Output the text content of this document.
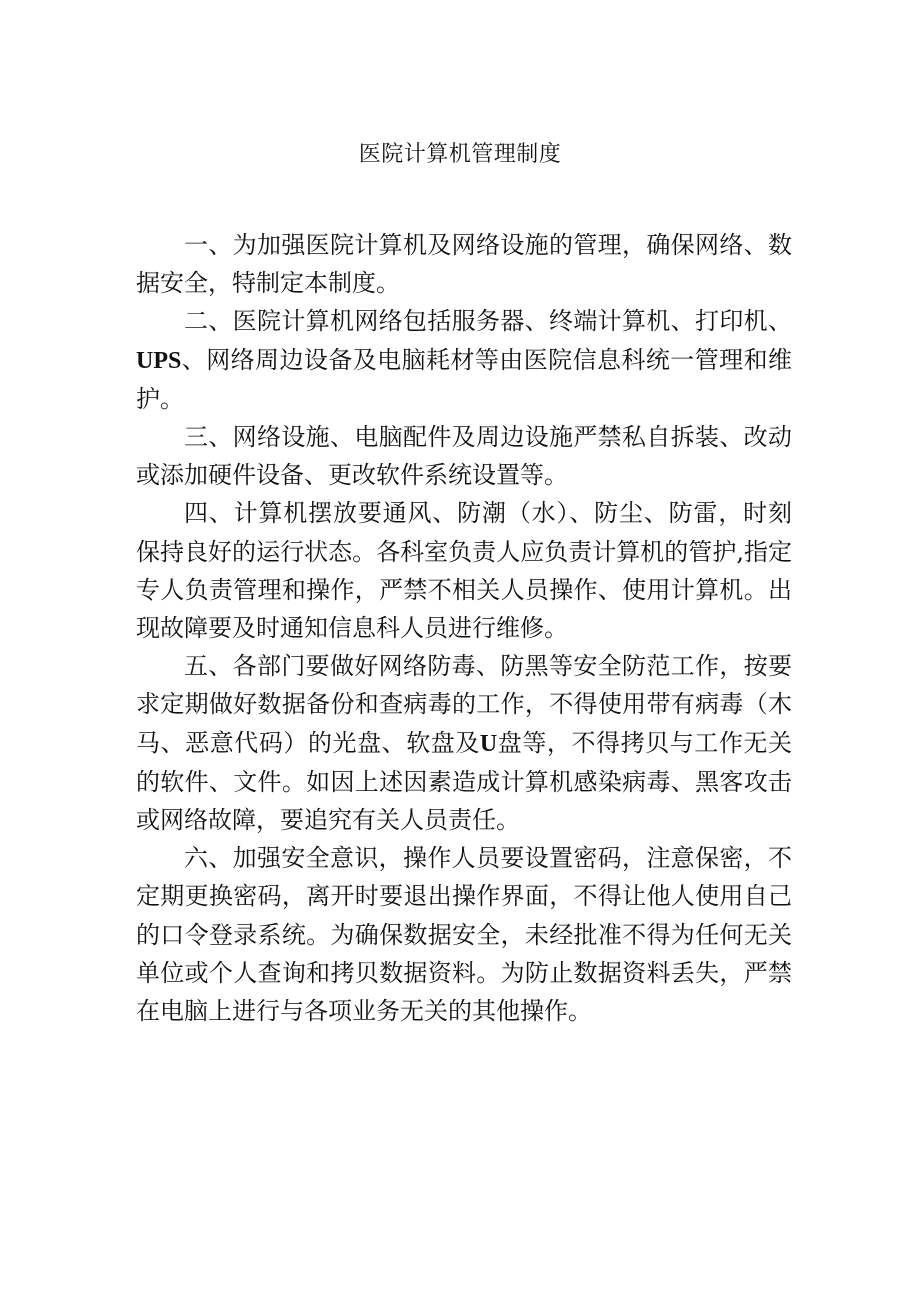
医院计算机管理制度

一、为加强医院计算机及网络设施的管理，确保网络、数据安全，特制定本制度。

二、医院计算机网络包括服务器、终端计算机、打印机、UPS、网络周边设备及电脑耗材等由医院信息科统一管理和维护。

三、网络设施、电脑配件及周边设施严禁私自拆装、改动或添加硬件设备、更改软件系统设置等。

四、计算机摆放要通风、防潮（水）、防尘、防雷，时刻保持良好的运行状态。各科室负责人应负责计算机的管护,指定专人负责管理和操作，严禁不相关人员操作、使用计算机。出现故障要及时通知信息科人员进行维修。

五、各部门要做好网络防毒、防黑等安全防范工作，按要求定期做好数据备份和查病毒的工作，不得使用带有病毒（木马、恶意代码）的光盘、软盘及U盘等，不得拷贝与工作无关的软件、文件。如因上述因素造成计算机感染病毒、黑客攻击或网络故障，要追究有关人员责任。

六、加强安全意识，操作人员要设置密码，注意保密，不定期更换密码，离开时要退出操作界面，不得让他人使用自己的口令登录系统。为确保数据安全，未经批准不得为任何无关单位或个人查询和拷贝数据资料。为防止数据资料丢失，严禁在电脑上进行与各项业务无关的其他操作。
